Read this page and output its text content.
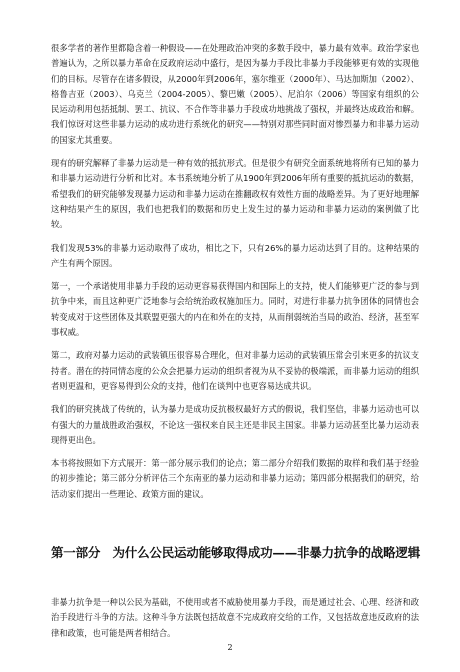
很多学者的著作里都隐含着一种假设——在处理政治冲突的多数手段中，暴力最有效率。政治学家也普遍认为，之所以暴力革命在反政府运动中盛行，是因为暴力手段比非暴力手段能够更有效的实现他们的目标。尽管存在诸多假设，从2000年到2006年，塞尔维亚（2000年）、马达加斯加（2002）、格鲁吉亚（2003）、乌克兰（2004-2005）、黎巴嫩（2005）、尼泊尔（2006）等国家有组织的公民运动利用包括抵制、罢工、抗议、不合作等非暴力手段成功地挑战了强权，并最终达成政治和解。我们惊讶对这些非暴力运动的成功进行系统化的研究——特别对那些同时面对惨烈暴力和非暴力运动的国家尤其重要。

现有的研究解释了非暴力运动是一种有效的抵抗形式。但是很少有研究全面系统地将所有已知的暴力和非暴力运动进行分析和比对。本书系统地分析了从1900年到2006年所有重要的抵抗运动的数据，希望我们的研究能够发现暴力运动和非暴力运动在推翻政权有效性方面的战略差异。为了更好地理解这种结果产生的原因，我们也把我们的数据和历史上发生过的暴力运动和非暴力运动的案例做了比较。

我们发现53%的非暴力运动取得了成功，相比之下，只有26%的暴力运动达到了目的。这种结果的产生有两个原因。

第一，一个承诺使用非暴力手段的运动更容易获得国内和国际上的支持，使人们能够更广泛的参与到抗争中来，而且这种更广泛地参与会给统治政权施加压力。同时，对进行非暴力抗争团体的同情也会转变成对于这些团体及其联盟更强大的内在和外在的支持，从而削弱统治当局的政治、经济，甚至军事权威。

第二，政府对暴力运动的武装镇压很容易合理化，但对非暴力运动的武装镇压常会引来更多的抗议支持者。潜在的持同情态度的公众会把暴力运动的组织者视为从不妥协的极端派，而非暴力运动的组织者则更温和，更容易得到公众的支持，他们在谈判中也更容易达成共识。

我们的研究挑战了传统的，认为暴力是成功反抗极权最好方式的假说，我们坚信，非暴力运动也可以有强大的力量战胜政治强权，不论这一强权来自民主还是非民主国家。非暴力运动甚至比暴力运动表现得更出色。

本书将按照如下方式展开：第一部分展示我们的论点；第二部分介绍我们数据的取样和我们基于经验的初步推论；第三部分分析评估三个东南亚的暴力运动和非暴力运动；第四部分根据我们的研究，给活动家们提出一些理论、政策方面的建议。

第一部分　为什么公民运动能够取得成功——非暴力抗争的战略逻辑

非暴力抗争是一种以公民为基础，不使用或者不威胁使用暴力手段，而是通过社会、心理、经济和政治手段进行斗争的方法。这种斗争方法既包括故意不完成政府交给的工作，又包括故意违反政府的法律和政策，也可能是两者相结合。

2
